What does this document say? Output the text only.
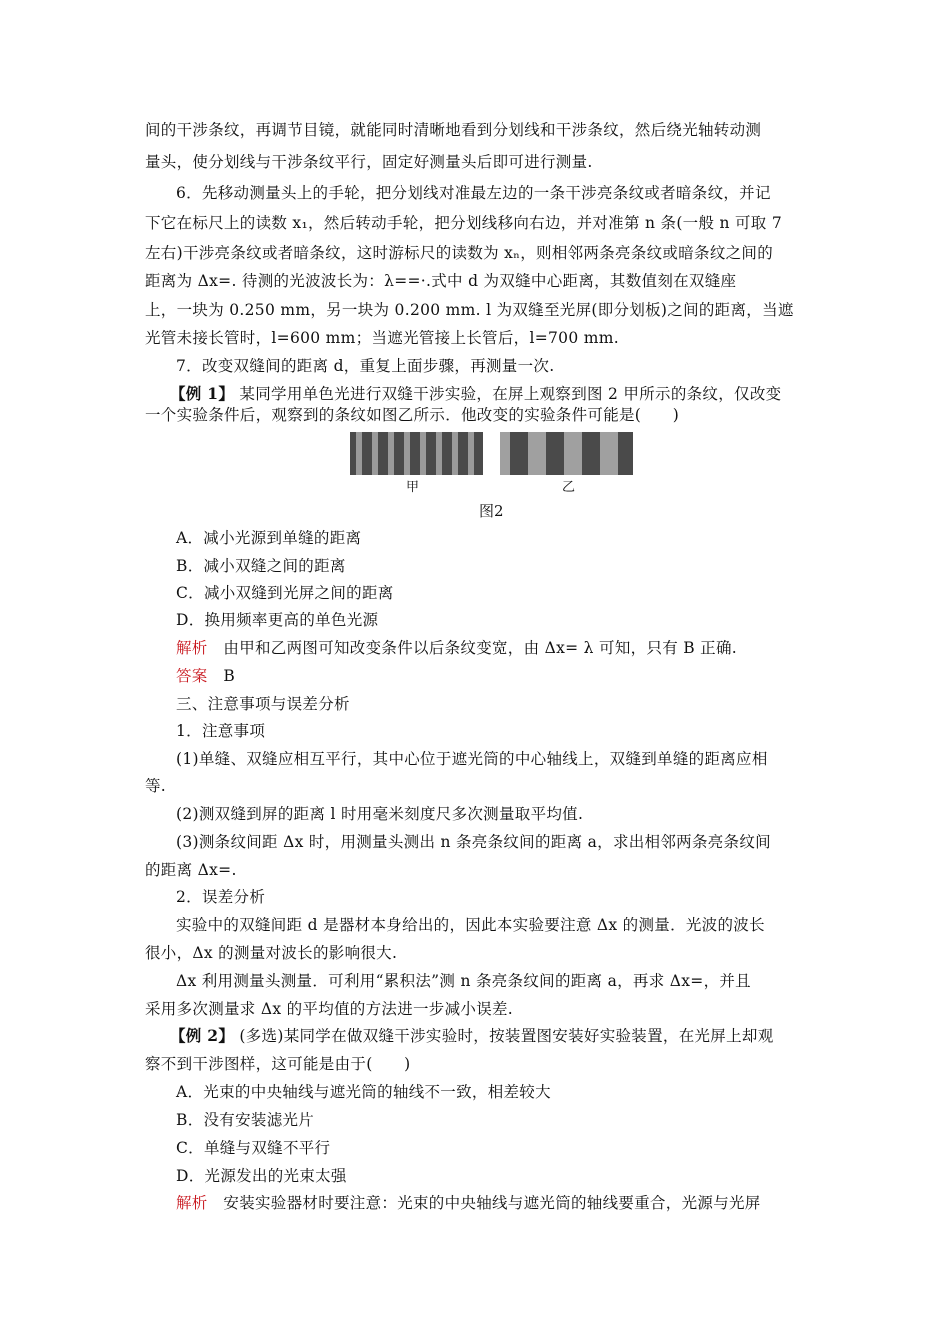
间的干涉条纹，再调节目镜，就能同时清晰地看到分划线和干涉条纹，然后绕光轴转动测
量头，使分划线与干涉条纹平行，固定好测量头后即可进行测量.
6．先移动测量头上的手轮，把分划线对准最左边的一条干涉亮条纹或者暗条纹，并记
下它在标尺上的读数 x₁，然后转动手轮，把分划线移向右边，并对准第 n 条(一般 n 可取 7
左右)干涉亮条纹或者暗条纹，这时游标尺的读数为 xₙ，则相邻两条亮条纹或暗条纹之间的
距离为 Δx=. 待测的光波波长为：λ==·.式中 d 为双缝中心距离，其数值刻在双缝座
上，一块为 0.250 mm，另一块为 0.200 mm. l 为双缝至光屏(即分划板)之间的距离，当遮
光管未接长管时，l=600 mm；当遮光管接上长管后，l=700 mm.
7．改变双缝间的距离 d，重复上面步骤，再测量一次.
【例 1】 某同学用单色光进行双缝干涉实验，在屏上观察到图 2 甲所示的条纹，仅改变
一个实验条件后，观察到的条纹如图乙所示．他改变的实验条件可能是(　　)
甲	乙
图2
A．减小光源到单缝的距离
B．减小双缝之间的距离
C．减小双缝到光屏之间的距离
D．换用频率更高的单色光源
解析　由甲和乙两图可知改变条件以后条纹变宽，由 Δx= λ 可知，只有 B 正确.
答案　B
三、注意事项与误差分析
1．注意事项
(1)单缝、双缝应相互平行，其中心位于遮光筒的中心轴线上，双缝到单缝的距离应相
等.
(2)测双缝到屏的距离 l 时用毫米刻度尺多次测量取平均值.
(3)测条纹间距 Δx 时，用测量头测出 n 条亮条纹间的距离 a，求出相邻两条亮条纹间
的距离 Δx=.
2．误差分析
实验中的双缝间距 d 是器材本身给出的，因此本实验要注意 Δx 的测量．光波的波长
很小，Δx 的测量对波长的影响很大.
Δx 利用测量头测量．可利用“累积法”测 n 条亮条纹间的距离 a，再求 Δx=，并且
采用多次测量求 Δx 的平均值的方法进一步减小误差.
【例 2】 (多选)某同学在做双缝干涉实验时，按装置图安装好实验装置，在光屏上却观
察不到干涉图样，这可能是由于(　　)
A．光束的中央轴线与遮光筒的轴线不一致，相差较大
B．没有安装滤光片
C．单缝与双缝不平行
D．光源发出的光束太强
解析　安装实验器材时要注意：光束的中央轴线与遮光筒的轴线要重合，光源与光屏
